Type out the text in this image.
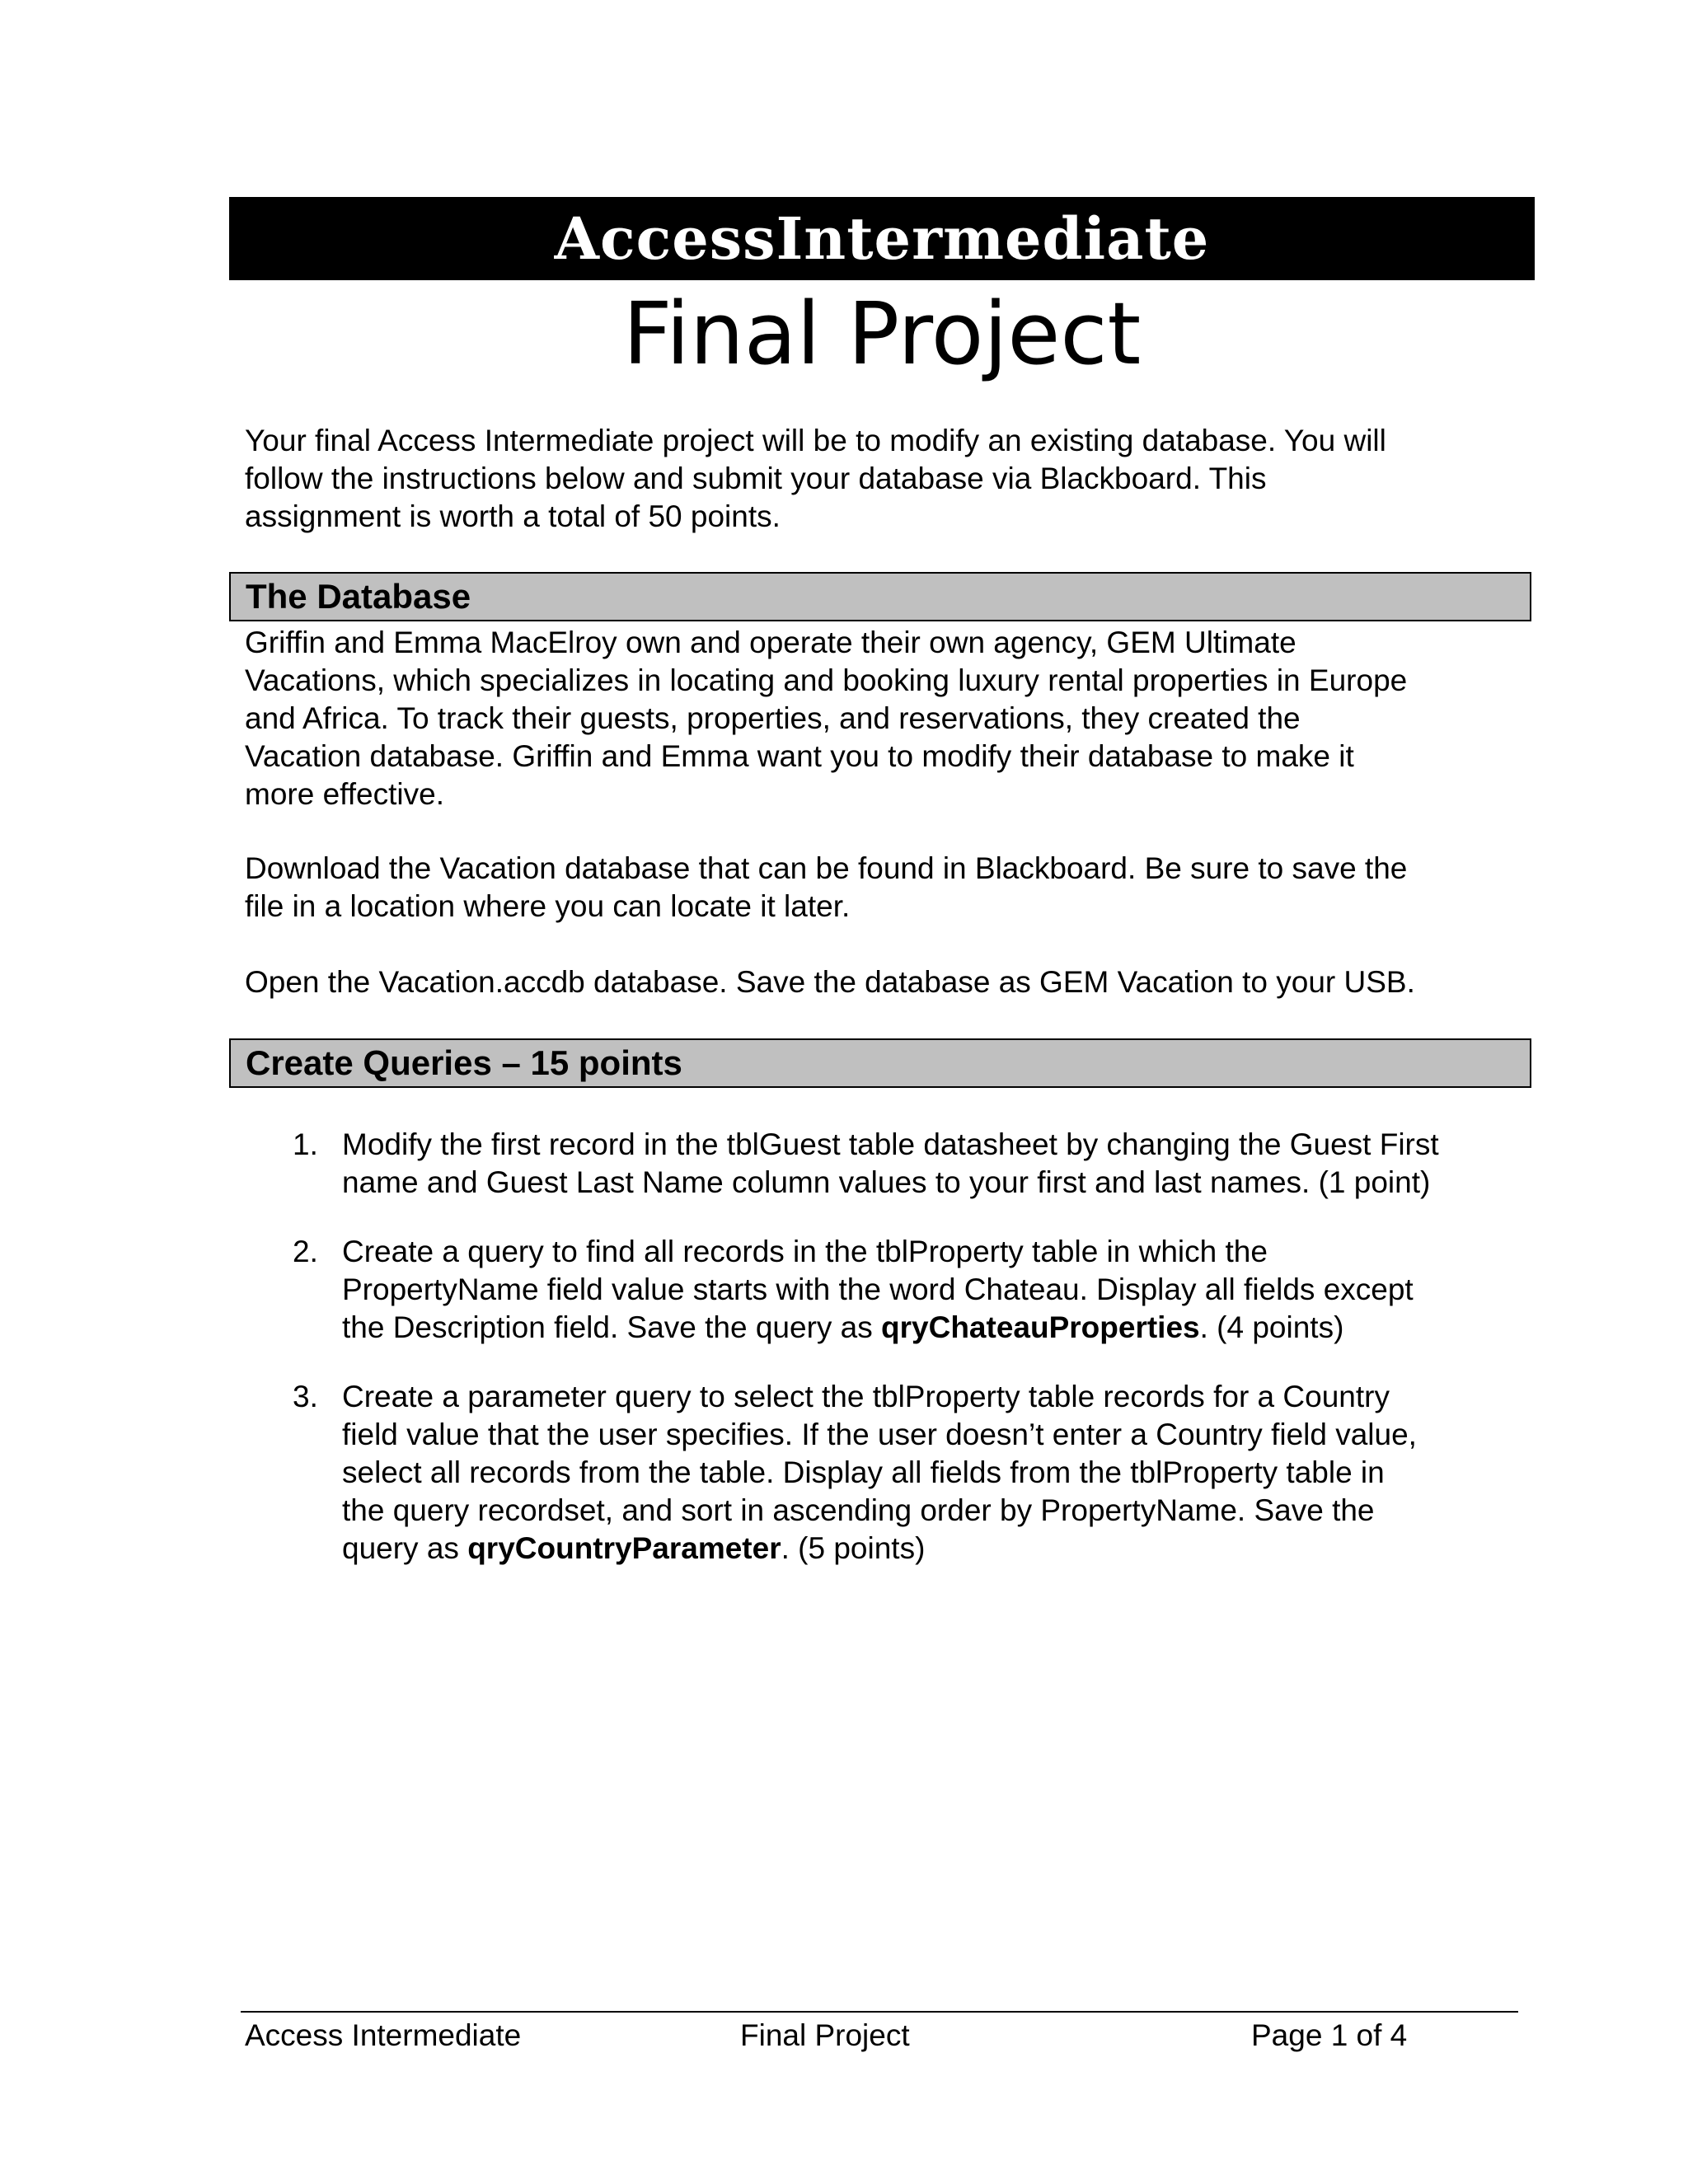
AccessIntermediate
Final Project
Your final Access Intermediate project will be to modify an existing database. You will
follow the instructions below and submit your database via Blackboard. This
assignment is worth a total of 50 points.
The Database
Griffin and Emma MacElroy own and operate their own agency, GEM Ultimate
Vacations, which specializes in locating and booking luxury rental properties in Europe
and Africa. To track their guests, properties, and reservations, they created the
Vacation database. Griffin and Emma want you to modify their database to make it
more effective.
Download the Vacation database that can be found in Blackboard. Be sure to save the
file in a location where you can locate it later.
Open the Vacation.accdb database. Save the database as GEM Vacation to your USB.
Create Queries – 15 points
1. Modify the first record in the tblGuest table datasheet by changing the Guest First
name and Guest Last Name column values to your first and last names. (1 point)
2. Create a query to find all records in the tblProperty table in which the
PropertyName field value starts with the word Chateau. Display all fields except
the Description field. Save the query as qryChateauProperties. (4 points)
3. Create a parameter query to select the tblProperty table records for a Country
field value that the user specifies. If the user doesn’t enter a Country field value,
select all records from the table. Display all fields from the tblProperty table in
the query recordset, and sort in ascending order by PropertyName. Save the
query as qryCountryParameter. (5 points)
Access Intermediate	Final Project	Page 1 of 4
